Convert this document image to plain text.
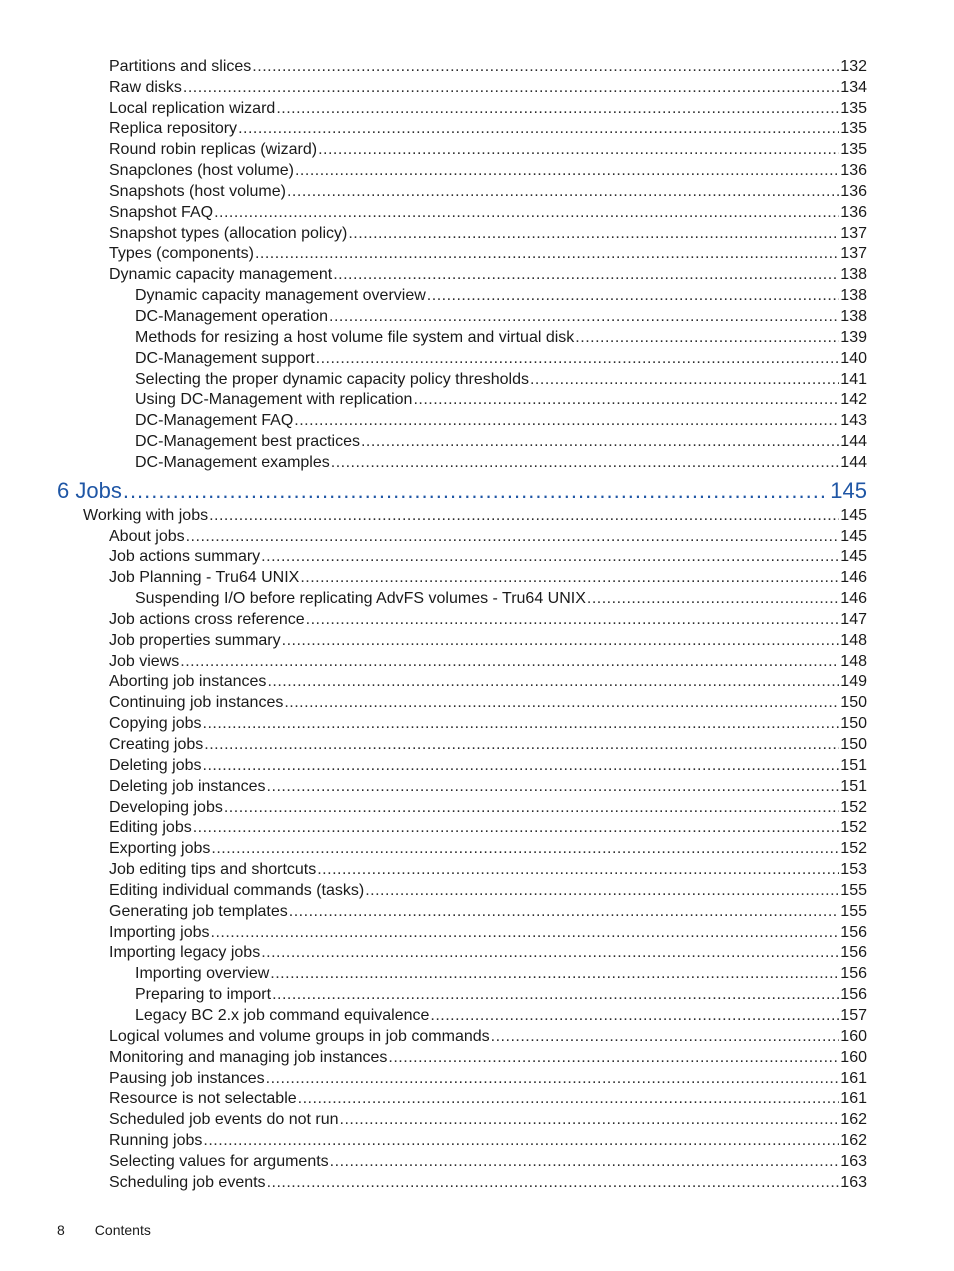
Partitions and slices .....	132
Raw disks .....	134
Local replication wizard .....	135
Replica repository .....	135
Round robin replicas (wizard) .....	135
Snapclones (host volume) .....	136
Snapshots (host volume) .....	136
Snapshot FAQ .....	136
Snapshot types (allocation policy) .....	137
Types (components) .....	137
Dynamic capacity management .....	138
Dynamic capacity management overview .....	138
DC-Management operation .....	138
Methods for resizing a host volume file system and virtual disk .....	139
DC-Management support .....	140
Selecting the proper dynamic capacity policy thresholds .....	141
Using DC-Management with replication .....	142
DC-Management FAQ .....	143
DC-Management best practices .....	144
DC-Management examples .....	144
6 Jobs .....	145
Working with jobs .....	145
About jobs .....	145
Job actions summary .....	145
Job Planning - Tru64 UNIX .....	146
Suspending I/O before replicating AdvFS volumes - Tru64 UNIX .....	146
Job actions cross reference .....	147
Job properties summary .....	148
Job views .....	148
Aborting job instances .....	149
Continuing job instances .....	150
Copying jobs .....	150
Creating jobs .....	150
Deleting jobs .....	151
Deleting job instances .....	151
Developing jobs .....	152
Editing jobs .....	152
Exporting jobs .....	152
Job editing tips and shortcuts .....	153
Editing individual commands (tasks) .....	155
Generating job templates .....	155
Importing jobs .....	156
Importing legacy jobs .....	156
Importing overview .....	156
Preparing to import .....	156
Legacy BC 2.x job command equivalence .....	157
Logical volumes and volume groups in job commands .....	160
Monitoring and managing job instances .....	160
Pausing job instances .....	161
Resource is not selectable .....	161
Scheduled job events do not run .....	162
Running jobs .....	162
Selecting values for arguments .....	163
Scheduling job events .....	163
8 Contents
